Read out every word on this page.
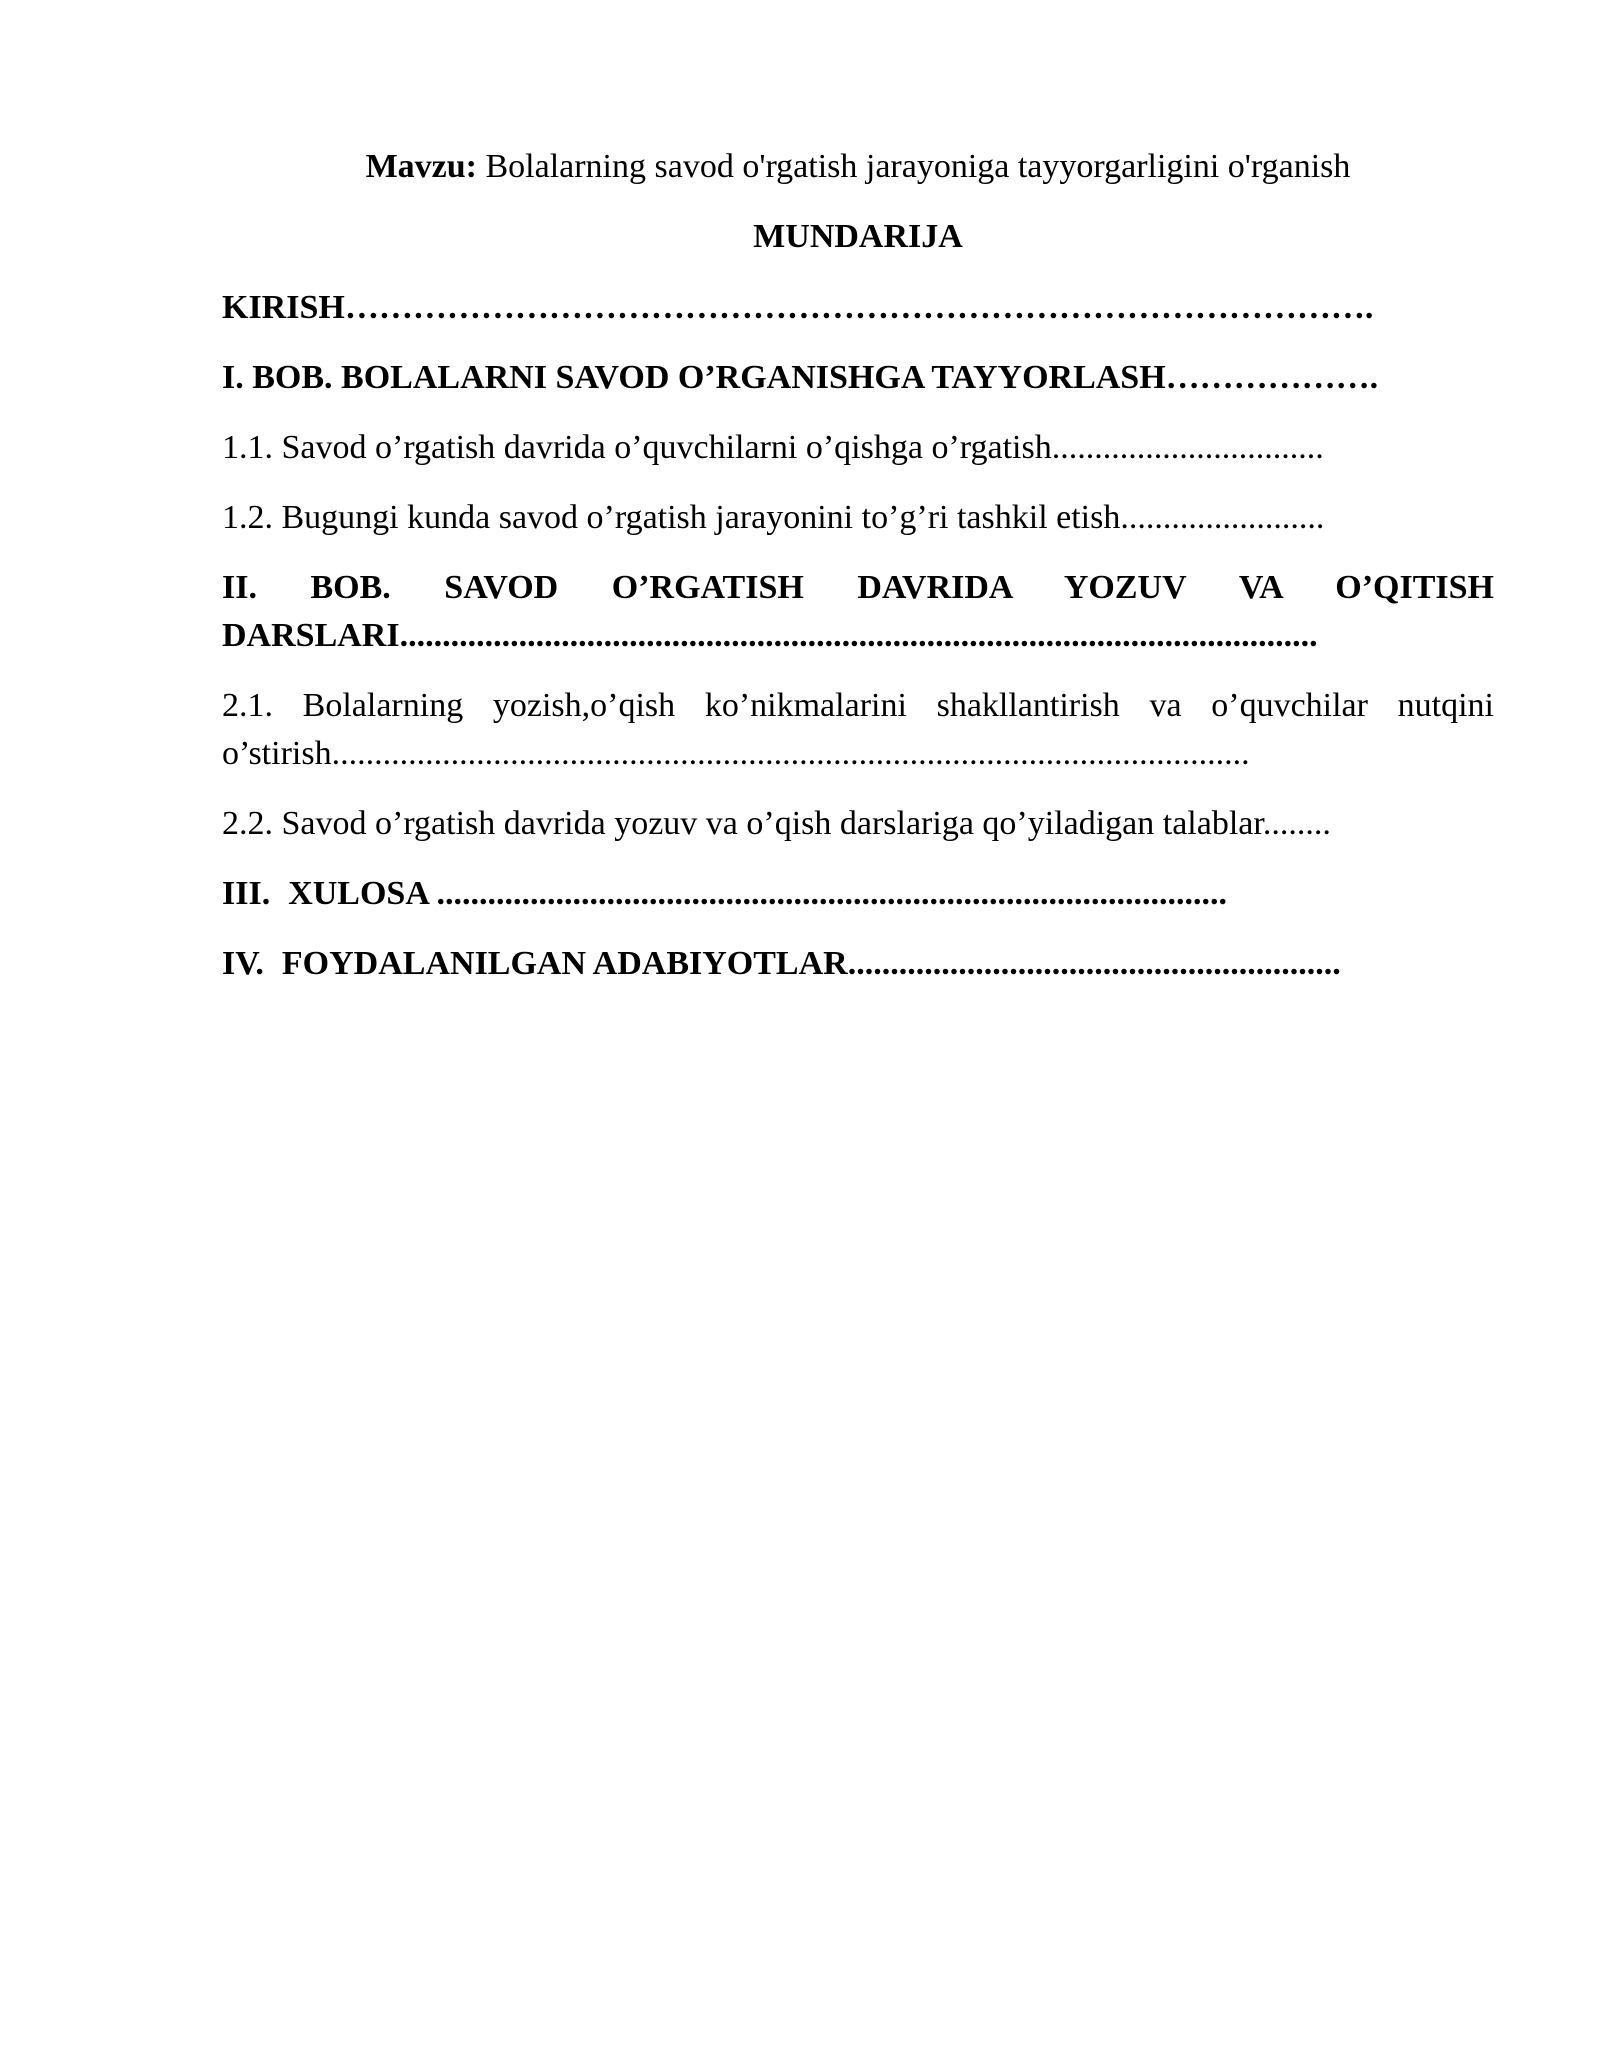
Mavzu: Bolalarning savod o'rgatish jarayoniga tayyorgarligini o'rganish
MUNDARIJA
KIRISH……………………………………………………………………………….
I. BOB. BOLALARNI SAVOD O’RGANISHGA TAYYORLASH……………….
1.1. Savod o’rgatish davrida o’quvchilarni o’qishga o’rgatish................................
1.2. Bugungi kunda savod o’rgatish jarayonini to’g’ri tashkil etish........................
II. BOB. SAVOD O’RGATISH DAVRIDA YOZUV VA O’QITISH DARSLARI............................................................................................................
2.1. Bolalarning yozish,o’qish ko’nikmalarini shakllantirish va o’quvchilar nutqini o’stirish............................................................................................................
2.2. Savod o’rgatish davrida yozuv va o’qish darslariga qo’yiladigan talablar........
III. XULOSA .............................................................................................
IV. FOYDALANILGAN ADABIYOTLAR..........................................................
